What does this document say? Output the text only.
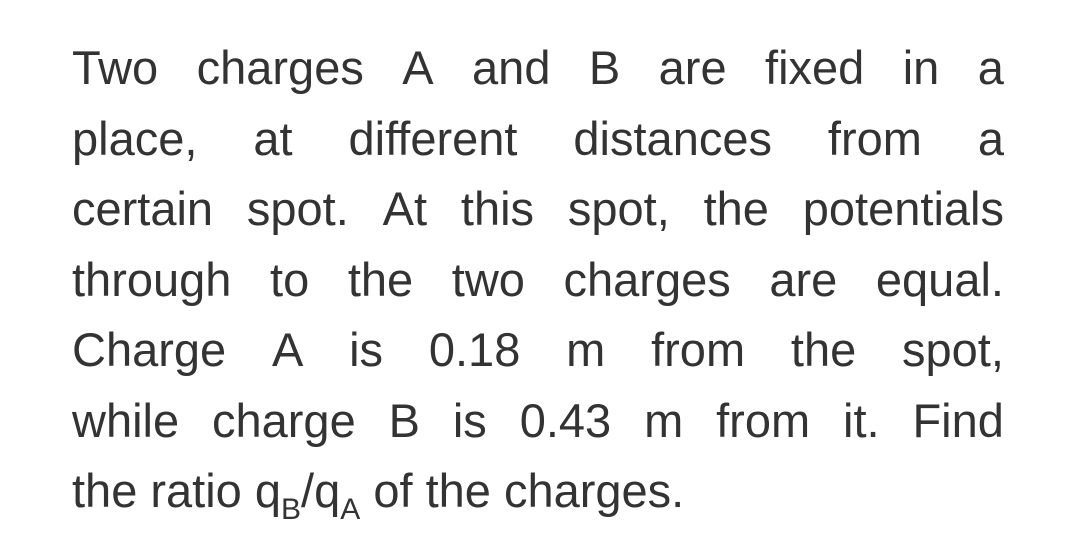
Two charges A and B are fixed in a
place, at different distances from a
certain spot. At this spot, the potentials
through to the two charges are equal.
Charge A is 0.18 m from the spot,
while charge B is 0.43 m from it. Find
the ratio $q_B/q_A$ of the charges.
